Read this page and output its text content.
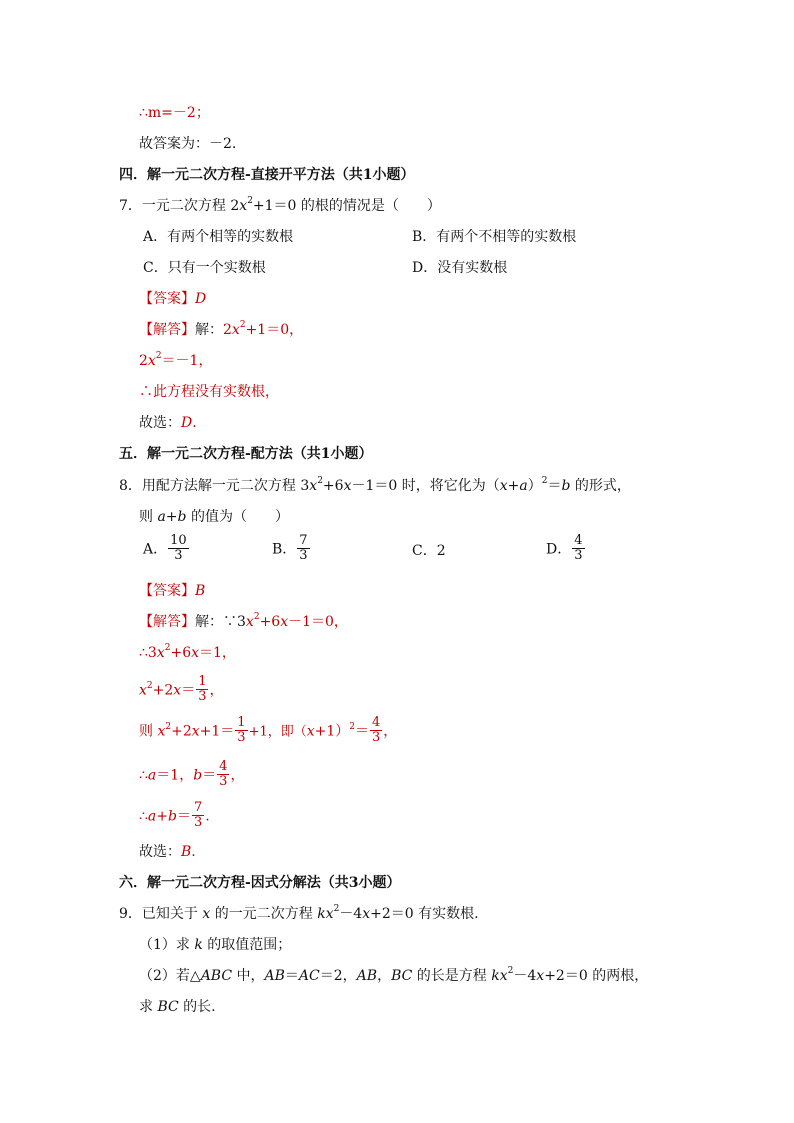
∴m=－2；
故答案为：－2.
四．解一元二次方程-直接开平方法（共1小题）
7．一元二次方程 $2x^2+1=0$ 的根的情况是（　　）
A．有两个相等的实数根	B．有两个不相等的实数根
C．只有一个实数根	D．没有实数根
【答案】D
【解答】解：$2x^2+1=0$，
$2x^2=-1$，
∴此方程没有实数根，
故选：D.
五．解一元二次方程-配方法（共1小题）
8．用配方法解一元二次方程 $3x^2+6x-1=0$ 时，将它化为$(x+a)^2=b$ 的形式，
则 a+b 的值为（　　）
A． $\frac{10}{3}$	B． $\frac{7}{3}$	C．2	D． $\frac{4}{3}$
【答案】B
【解答】解：$\because 3x^2+6x-1=0$，
$\therefore 3x^2+6x=1$，
$x^2+2x= \frac{1}{3}$ ，
则 $x^2+2x+1= \frac{1}{3} +1$，即$(x+1)^2= \frac{4}{3}$ ，
∴a＝1，$b= \frac{4}{3}$ ，
∴a+b＝ $\frac{7}{3}$ .
故选：B.
六．解一元二次方程-因式分解法（共3小题）
9．已知关于 x 的一元二次方程 $kx^2-4x+2=0$ 有实数根.
（1）求 k 的取值范围；
（2）若△ABC 中，AB＝AC＝2，AB，BC 的长是方程 $kx^2-4x+2=0$ 的两根，
求 BC 的长.
